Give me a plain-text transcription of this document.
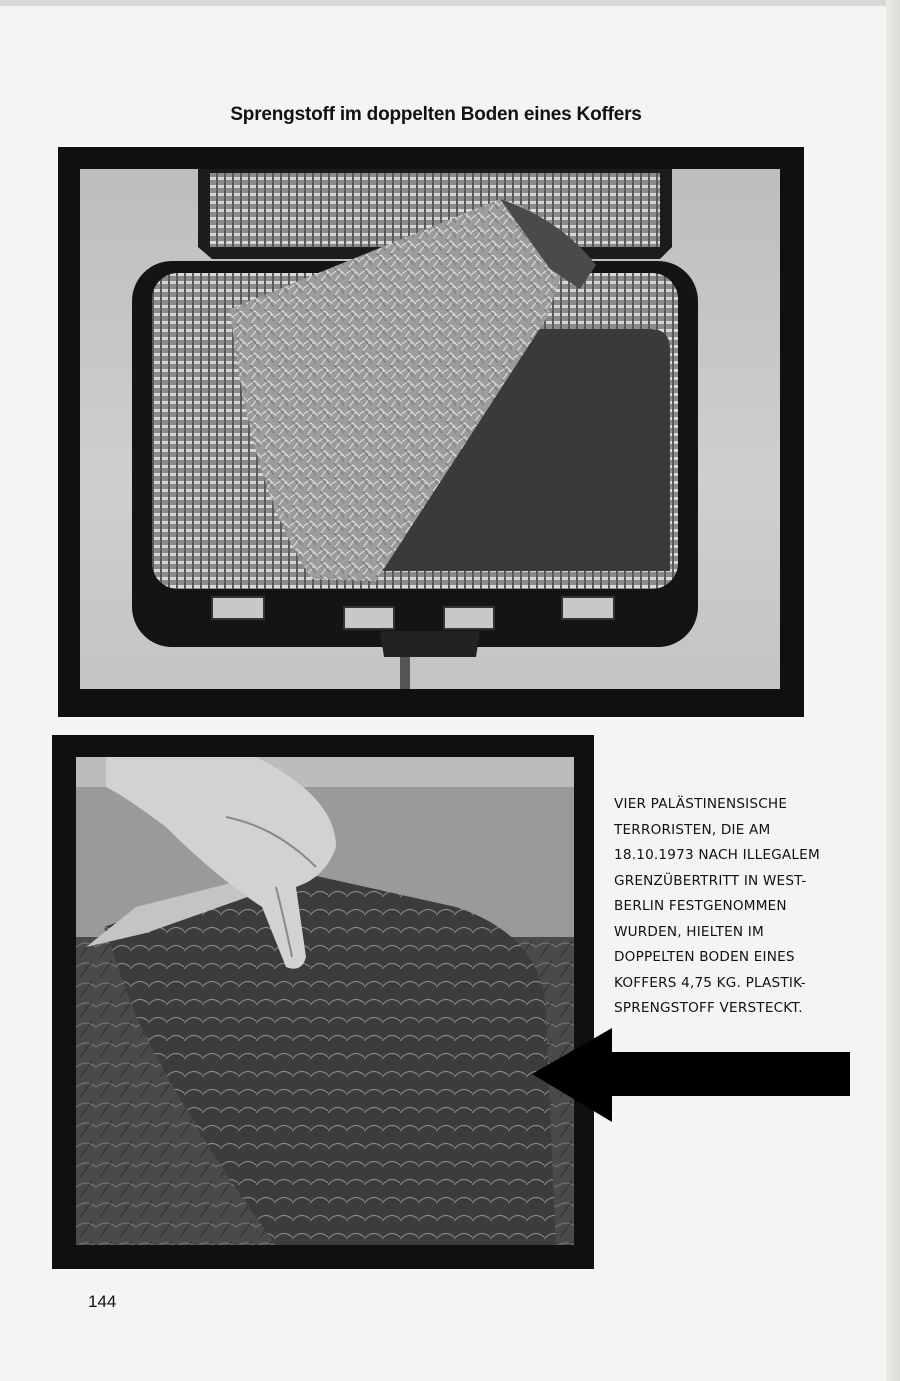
Sprengstoff im doppelten Boden eines Koffers
VIER PALÄSTINENSISCHE
TERRORISTEN, DIE AM
18.10.1973 NACH ILLEGALEM
GRENZÜBERTRITT IN WEST-
BERLIN FESTGENOMMEN
WURDEN, HIELTEN IM
DOPPELTEN BODEN EINES
KOFFERS 4,75 KG. PLASTIK-
SPRENGSTOFF VERSTECKT.
144
